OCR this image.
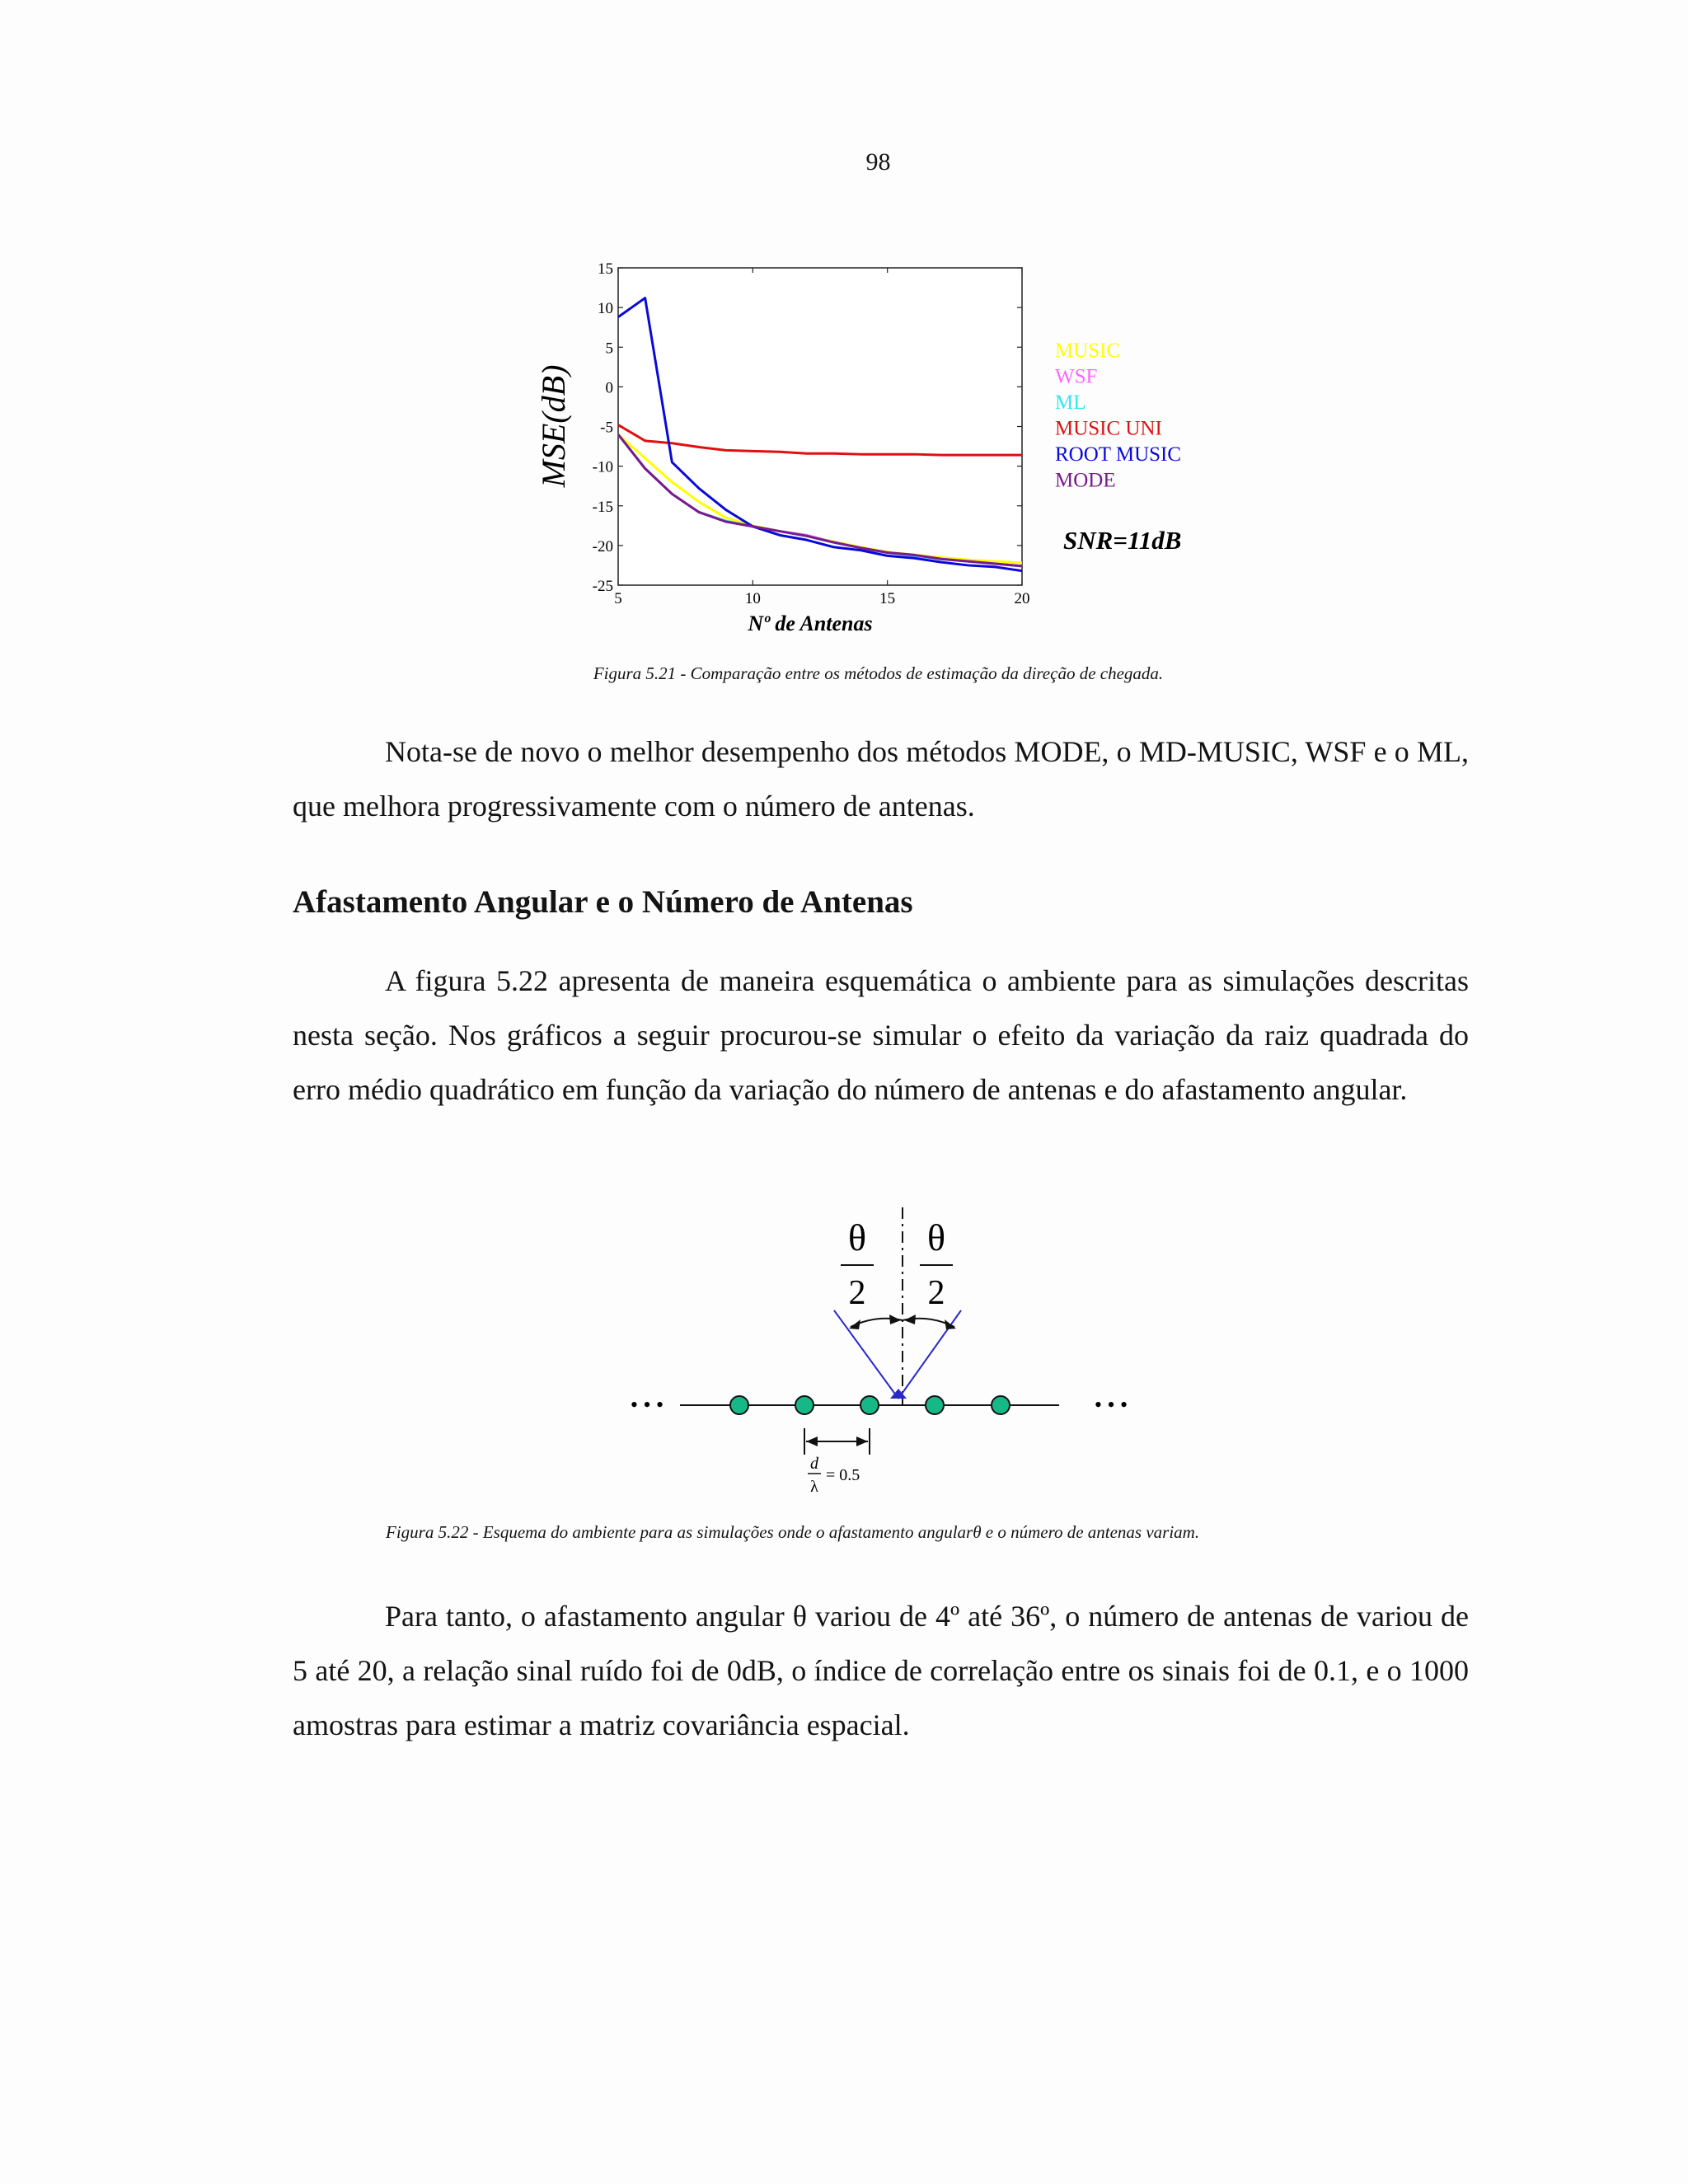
98
15
10
5
0
-5
-10
-15
-20
-25
5	10	15	20
MSE(dB)
Nº de Antenas
MUSIC
WSF
ML
MUSIC UNI
ROOT MUSIC
MODE
SNR=11dB
Figura 5.21 - Comparação entre os métodos de estimação da direção de chegada.
Nota-se de novo o melhor desempenho dos métodos MODE, o MD-MUSIC, WSF e o ML, que melhora progressivamente com o número de antenas.
Afastamento Angular e o Número de Antenas
A figura 5.22 apresenta de maneira esquemática o ambiente para as simulações descritas nesta seção. Nos gráficos a seguir procurou-se simular o efeito da variação da raiz quadrada do erro médio quadrático em função da variação do número de antenas e do afastamento angular.
θ
2
θ
2
• • •	• • •
d
λ
= 0.5
Figura 5.22 - Esquema do ambiente para as simulações onde o afastamento angularθ e o número de antenas variam.
Para tanto, o afastamento angular θ variou de 4º até 36º, o número de antenas de variou de 5 até 20, a relação sinal ruído foi de 0dB, o índice de correlação entre os sinais foi de 0.1, e o 1000 amostras para estimar a matriz covariância espacial.
